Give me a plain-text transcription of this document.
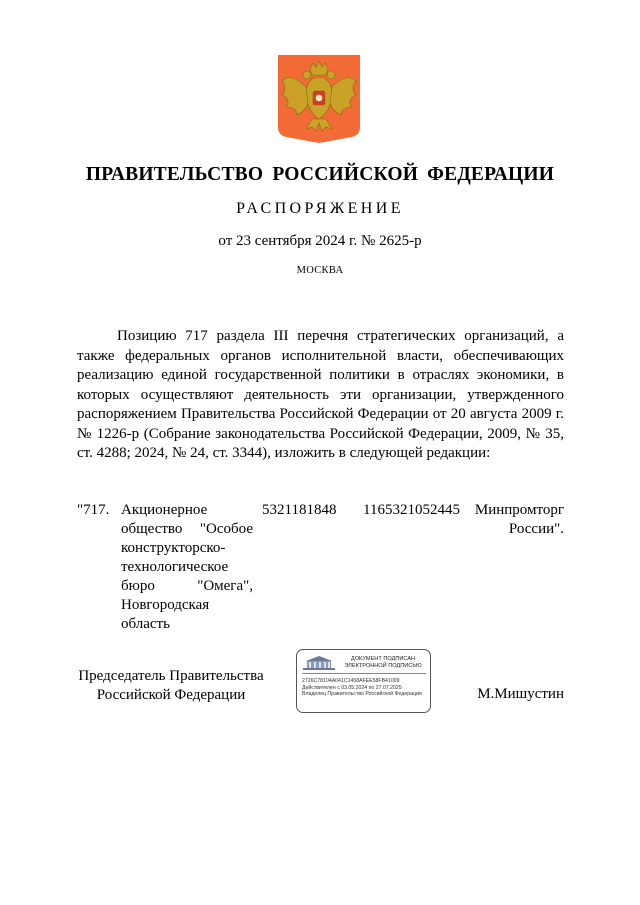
ПРАВИТЕЛЬСТВО РОССИЙСКОЙ ФЕДЕРАЦИИ
РАСПОРЯЖЕНИЕ
от 23 сентября 2024 г. № 2625-р
МОСКВА
Позицию 717 раздела III перечня стратегических организаций, а также федеральных органов исполнительной власти, обеспечивающих реализацию единой государственной политики в отраслях экономики, в которых осуществляют деятельность эти организации, утвержденного распоряжением Правительства Российской Федерации от 20 августа 2009 г. № 1226-р (Собрание законодательства Российской Федерации, 2009, № 35, ст. 4288; 2024, № 24, ст. 3344), изложить в следующей редакции:
"717. Акционерное общество "Особое конструкторско-технологическое бюро "Омега", Новгородская область
5321181848 1165321052445 Минпромторг России".
Председатель Правительства Российской Федерации
ДОКУМЕНТ ПОДПИСАН ЭЛЕКТРОННОЙ ПОДПИСЬЮ
2726C78104A041C1458AFEE58FB41009
Действителен с 03.05.2024 по 27.07.2025
Владелец Правительство Российской Федерации	М.Мишустин
